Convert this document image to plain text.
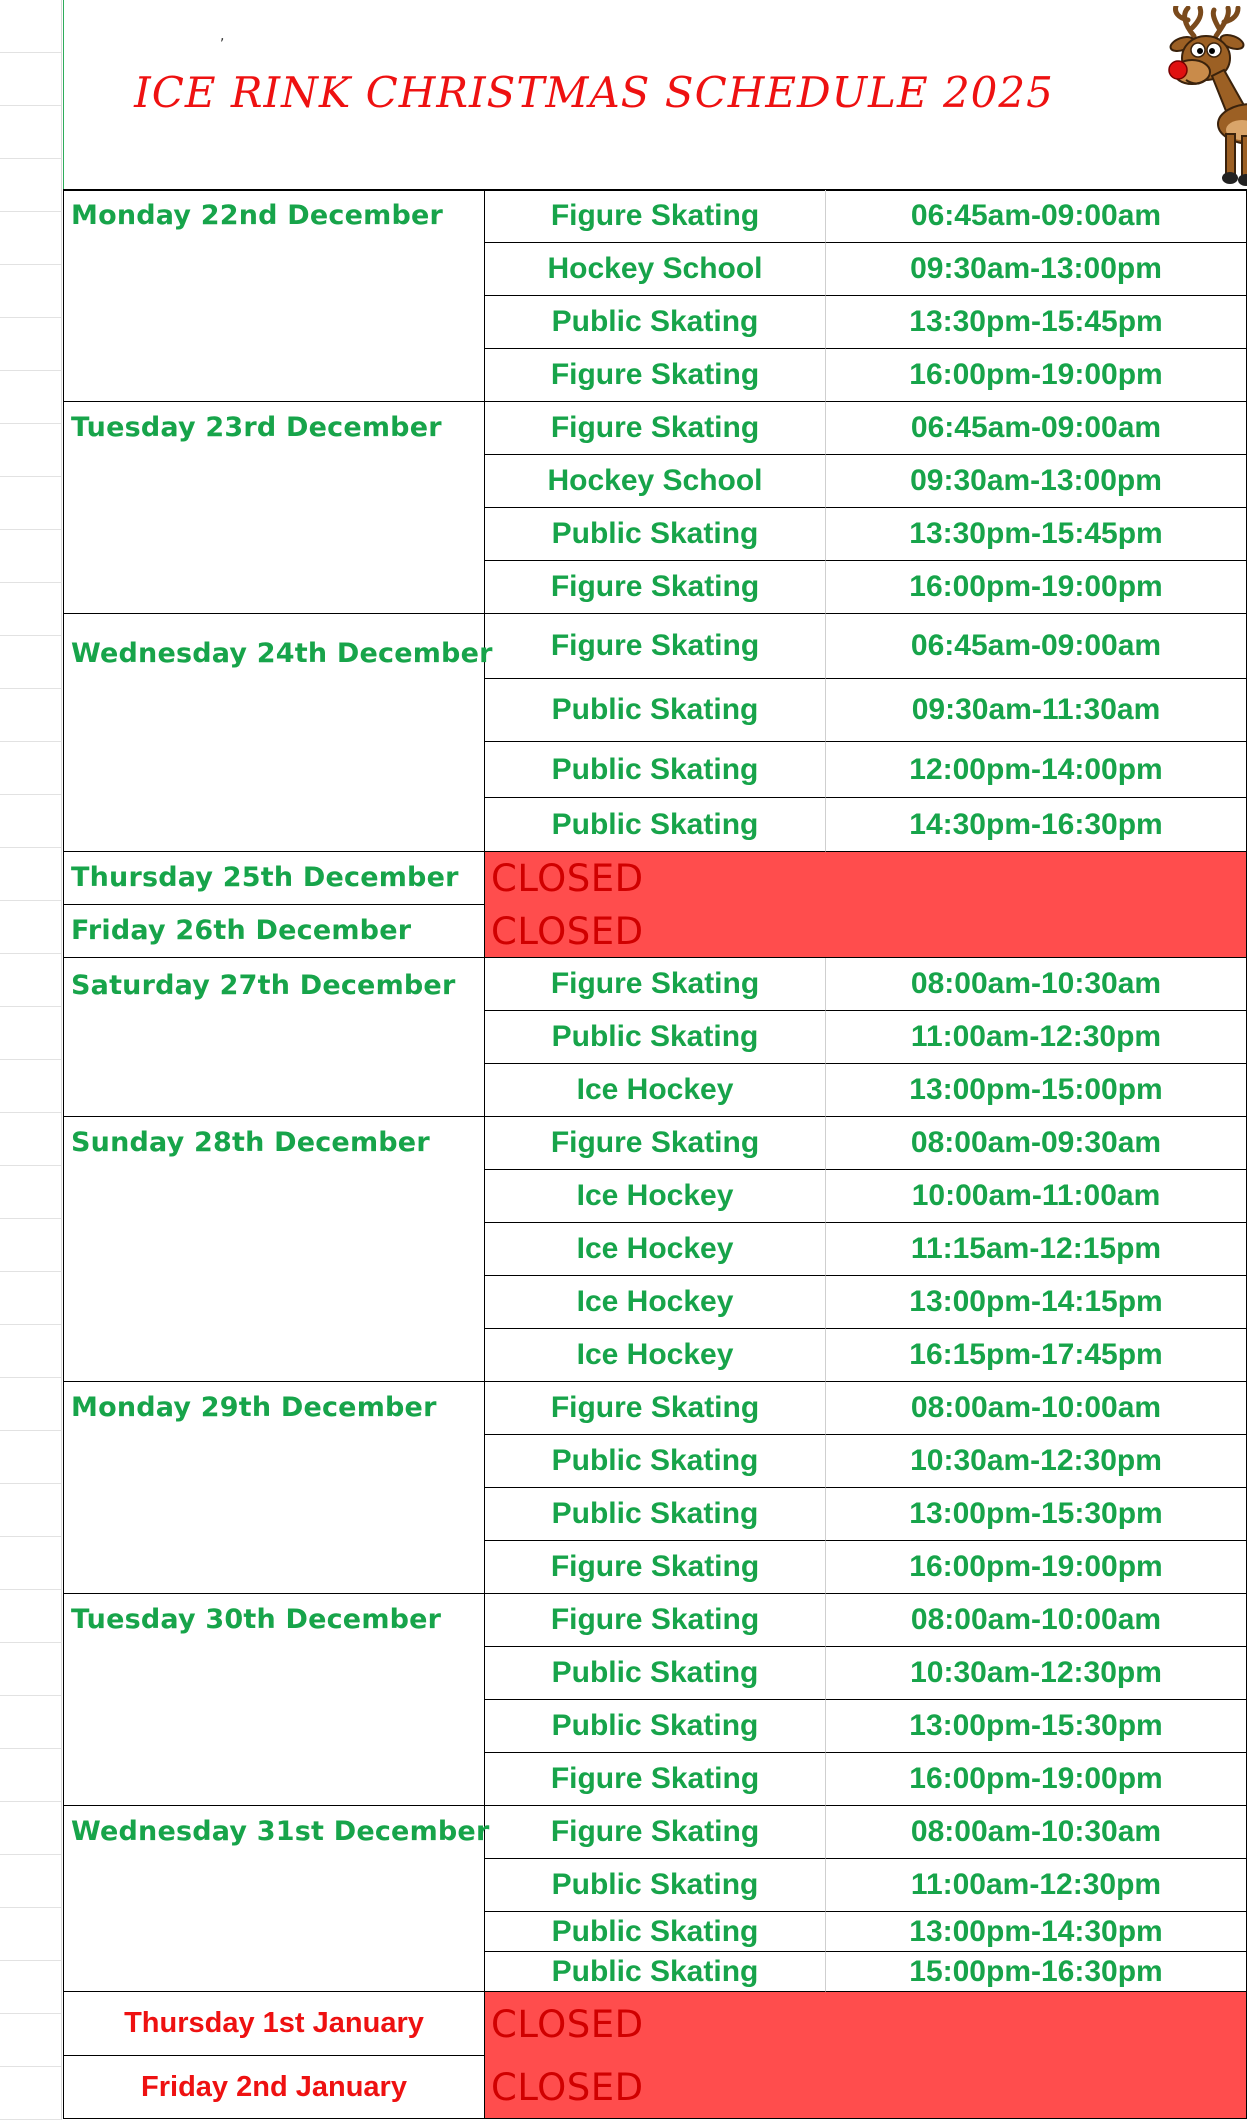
,
ICE RINK CHRISTMAS SCHEDULE 2025
Monday 22nd December	Figure Skating	06:45am-09:00am
Hockey School	09:30am-13:00pm
Public Skating	13:30pm-15:45pm
Figure Skating	16:00pm-19:00pm
Tuesday 23rd December	Figure Skating	06:45am-09:00am
Hockey School	09:30am-13:00pm
Public Skating	13:30pm-15:45pm
Figure Skating	16:00pm-19:00pm
Wednesday 24th December Figure Skating	06:45am-09:00am
Public Skating	09:30am-11:30am
Public Skating	12:00pm-14:00pm
Public Skating	14:30pm-16:30pm
Thursday 25th December CLOSED
Friday 26th December CLOSED
Saturday 27th December	Figure Skating	08:00am-10:30am
Public Skating	11:00am-12:30pm
Ice Hockey	13:00pm-15:00pm
Sunday 28th December	Figure Skating	08:00am-09:30am
Ice Hockey	10:00am-11:00am
Ice Hockey	11:15am-12:15pm
Ice Hockey	13:00pm-14:15pm
Ice Hockey	16:15pm-17:45pm
Monday 29th December	Figure Skating	08:00am-10:00am
Public Skating	10:30am-12:30pm
Public Skating	13:00pm-15:30pm
Figure Skating	16:00pm-19:00pm
Tuesday 30th December	Figure Skating	08:00am-10:00am
Public Skating	10:30am-12:30pm
Public Skating	13:00pm-15:30pm
Figure Skating	16:00pm-19:00pm
Wednesday 31st December Figure Skating	08:00am-10:30am
Public Skating	11:00am-12:30pm
Public Skating	13:00pm-14:30pm
Public Skating	15:00pm-16:30pm
Thursday 1st January	CLOSED
Friday 2nd January	CLOSED
